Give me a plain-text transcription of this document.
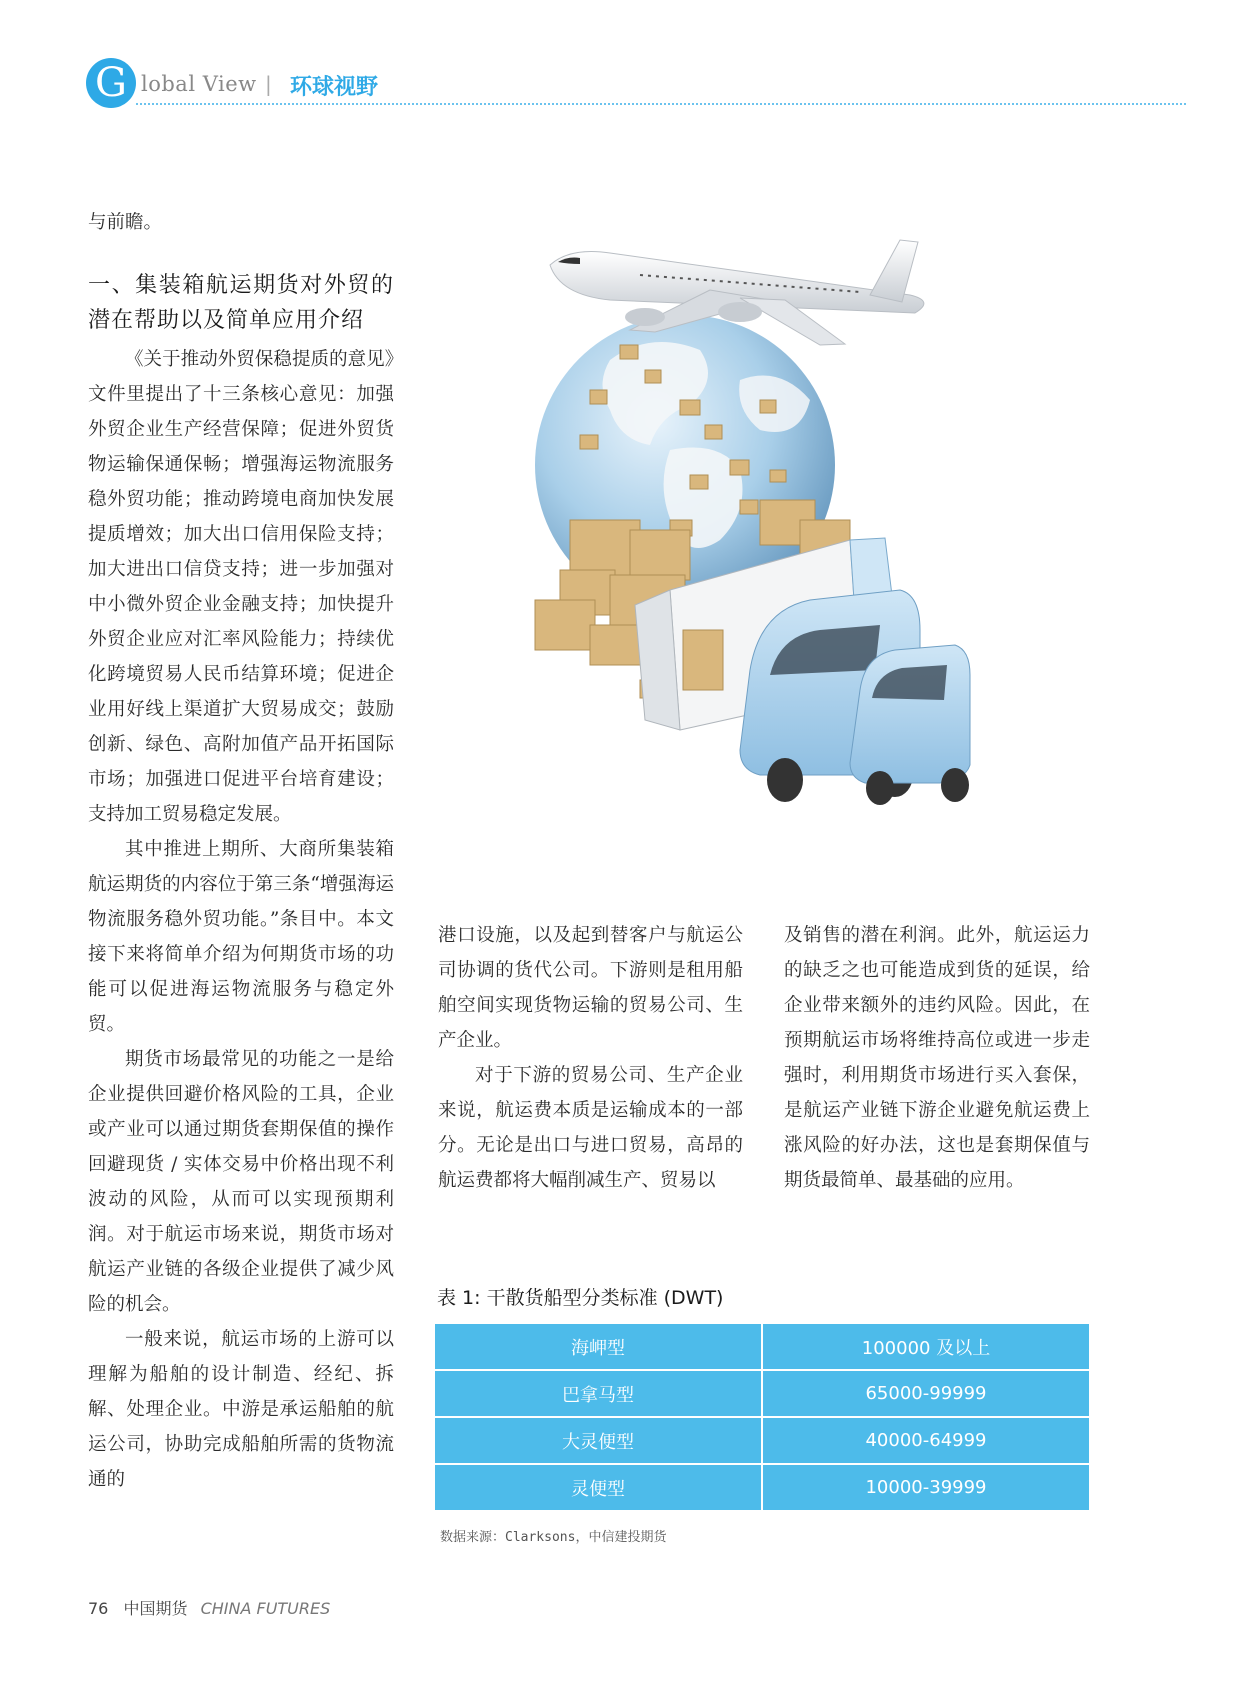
G lobal View | 环球视野

与前瞻。

一、集装箱航运期货对外贸的潜在帮助以及简单应用介绍

《关于推动外贸保稳提质的意见》文件里提出了十三条核心意见：加强外贸企业生产经营保障；促进外贸货物运输保通保畅；增强海运物流服务稳外贸功能；推动跨境电商加快发展提质增效；加大出口信用保险支持；加大进出口信贷支持；进一步加强对中小微外贸企业金融支持；加快提升外贸企业应对汇率风险能力；持续优化跨境贸易人民币结算环境；促进企业用好线上渠道扩大贸易成交；鼓励创新、绿色、高附加值产品开拓国际市场；加强进口促进平台培育建设；支持加工贸易稳定发展。

其中推进上期所、大商所集装箱航运期货的内容位于第三条“增强海运物流服务稳外贸功能。”条目中。本文接下来将简单介绍为何期货市场的功能可以促进海运物流服务与稳定外贸。

期货市场最常见的功能之一是给企业提供回避价格风险的工具，企业或产业可以通过期货套期保值的操作回避现货 / 实体交易中价格出现不利波动的风险，从而可以实现预期利润。对于航运市场来说，期货市场对航运产业链的各级企业提供了减少风险的机会。

一般来说，航运市场的上游可以理解为船舶的设计制造、经纪、拆解、处理企业。中游是承运船舶的航运公司，协助完成船舶所需的货物流通的

港口设施，以及起到替客户与航运公司协调的货代公司。下游则是租用船舶空间实现货物运输的贸易公司、生产企业。

对于下游的贸易公司、生产企业来说，航运费本质是运输成本的一部分。无论是出口与进口贸易，高昂的航运费都将大幅削减生产、贸易以

及销售的潜在利润。此外，航运运力的缺乏之也可能造成到货的延误，给企业带来额外的违约风险。因此，在预期航运市场将维持高位或进一步走强时，利用期货市场进行买入套保，是航运产业链下游企业避免航运费上涨风险的好办法，这也是套期保值与期货最简单、最基础的应用。

表 1: 干散货船型分类标准 (DWT)
海岬型	100000 及以上
巴拿马型	65000-99999
大灵便型	40000-64999
灵便型	10000-39999
数据来源：Clarksons，中信建投期货
76 中国期货 CHINA FUTURES
